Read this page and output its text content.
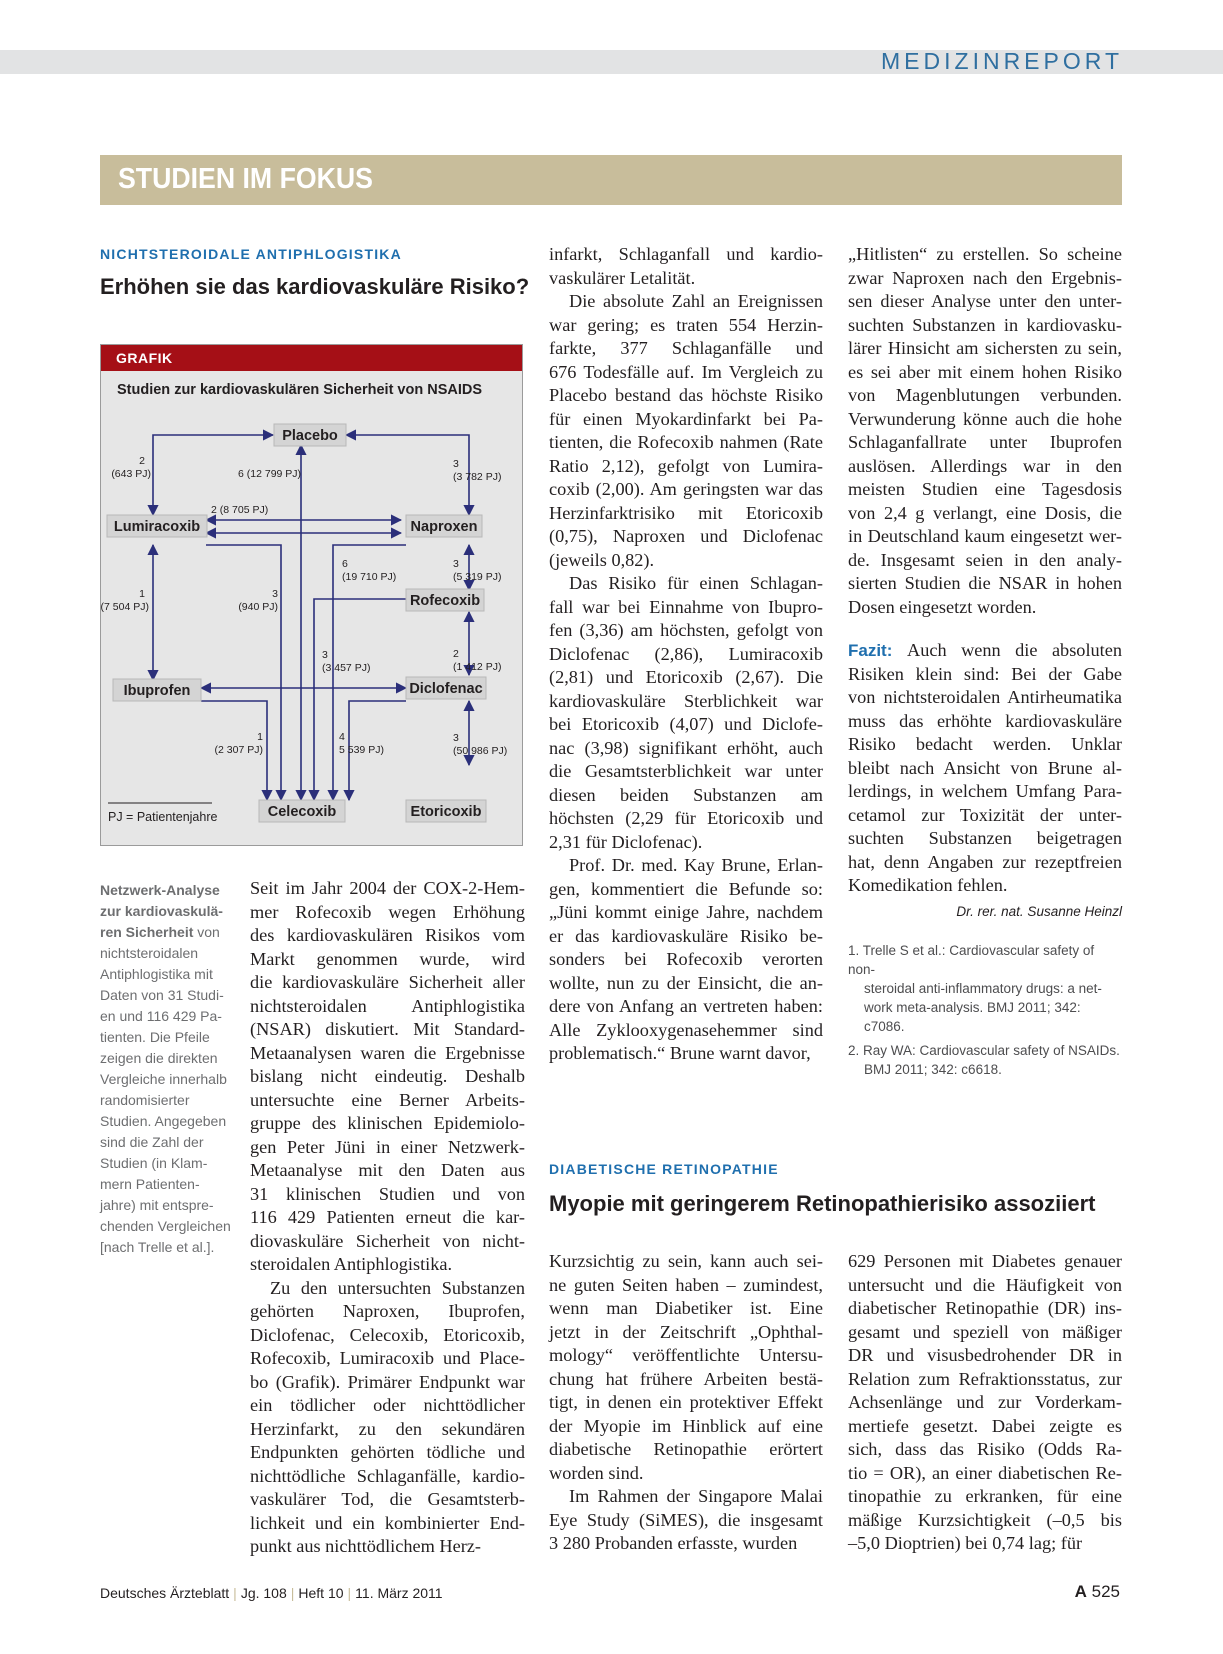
MEDIZINREPORT
STUDIEN IM FOKUS
NICHTSTEROIDALE ANTIPHLOGISTIKA
Erhöhen sie das kardiovaskuläre Risiko?
GRAFIK
Studien zur kardiovaskulären Sicherheit von NSAIDS
Placebo
Lumiracoxib	Naproxen
Rofecoxib
Ibuprofen	Diclofenac
Celecoxib	Etoricoxib
2
(643 PJ)	6 (12 799 PJ)
3
(3 782 PJ)
2 (8 705 PJ)
6
(19 710 PJ)
3
(5 319 PJ)
1
(7 504 PJ)
3
(940 PJ)
3
(3 457 PJ)
2
(1 412 PJ)
1
(2 307 PJ)
4
5 539 PJ)
3
(50 986 PJ)
PJ = Patientenjahre
Netzwerk-Analyse
zur kardiovaskulä-
ren Sicherheit von
nichtsteroidalen
Antiphlogistika mit
Daten von 31 Studi-
en und 116 429 Pa-
tienten. Die Pfeile
zeigen die direkten
Vergleiche innerhalb
randomisierter
Studien. Angegeben
sind die Zahl der
Studien (in Klam-
mern Patienten-
jahre) mit entspre-
chenden Vergleichen
[nach Trelle et al.].
Seit im Jahr 2004 der COX-2-Hem-
mer Rofecoxib wegen Erhöhung
des kardiovaskulären Risikos vom
Markt genommen wurde, wird
die kardiovaskuläre Sicherheit aller
nichtsteroidalen Antiphlogistika
(NSAR) diskutiert. Mit Standard-
Metaanalysen waren die Ergebnisse
bislang nicht eindeutig. Deshalb
untersuchte eine Berner Arbeits-
gruppe des klinischen Epidemiolo-
gen Peter Jüni in einer Netzwerk-
Metaanalyse mit den Daten aus
31 klinischen Studien und von
116 429 Patienten erneut die kar-
diovaskuläre Sicherheit von nicht-
steroidalen Antiphlogistika.
Zu den untersuchten Substanzen
gehörten Naproxen, Ibuprofen,
Diclofenac, Celecoxib, Etoricoxib,
Rofecoxib, Lumiracoxib und Place-
bo (Grafik). Primärer Endpunkt war
ein tödlicher oder nichttödlicher
Herzinfarkt, zu den sekundären
Endpunkten gehörten tödliche und
nichttödliche Schlaganfälle, kardio-
vaskulärer Tod, die Gesamtsterb-
lichkeit und ein kombinierter End-
punkt aus nichttödlichem Herz-
infarkt, Schlaganfall und kardio-
vaskulärer Letalität.
Die absolute Zahl an Ereignissen
war gering; es traten 554 Herzin-
farkte, 377 Schlaganfälle und
676 Todesfälle auf. Im Vergleich zu
Placebo bestand das höchste Risiko
für einen Myokardinfarkt bei Pa-
tienten, die Rofecoxib nahmen (Rate
Ratio 2,12), gefolgt von Lumira-
coxib (2,00). Am geringsten war das
Herzinfarktrisiko mit Etoricoxib
(0,75), Naproxen und Diclofenac
(jeweils 0,82).
Das Risiko für einen Schlagan-
fall war bei Einnahme von Ibupro-
fen (3,36) am höchsten, gefolgt von
Diclofenac (2,86), Lumiracoxib
(2,81) und Etoricoxib (2,67). Die
kardiovaskuläre Sterblichkeit war
bei Etoricoxib (4,07) und Diclofe-
nac (3,98) signifikant erhöht, auch
die Gesamtsterblichkeit war unter
diesen beiden Substanzen am
höchsten (2,29 für Etoricoxib und
2,31 für Diclofenac).
Prof. Dr. med. Kay Brune, Erlan-
gen, kommentiert die Befunde so:
„Jüni kommt einige Jahre, nachdem
er das kardiovaskuläre Risiko be-
sonders bei Rofecoxib verorten
wollte, nun zu der Einsicht, die an-
dere von Anfang an vertreten haben:
Alle Zyklooxygenasehemmer sind
problematisch.“ Brune warnt davor,
„Hitlisten“ zu erstellen. So scheine
zwar Naproxen nach den Ergebnis-
sen dieser Analyse unter den unter-
suchten Substanzen in kardiovasku-
lärer Hinsicht am sichersten zu sein,
es sei aber mit einem hohen Risiko
von Magenblutungen verbunden.
Verwunderung könne auch die hohe
Schlaganfallrate unter Ibuprofen
auslösen. Allerdings war in den
meisten Studien eine Tagesdosis
von 2,4 g verlangt, eine Dosis, die
in Deutschland kaum eingesetzt wer-
de. Insgesamt seien in den analy-
sierten Studien die NSAR in hohen
Dosen eingesetzt worden.
Fazit: Auch wenn die absoluten
Risiken klein sind: Bei der Gabe
von nichtsteroidalen Antirheumatika
muss das erhöhte kardiovaskuläre
Risiko bedacht werden. Unklar
bleibt nach Ansicht von Brune al-
lerdings, in welchem Umfang Para-
cetamol zur Toxizität der unter-
suchten Substanzen beigetragen
hat, denn Angaben zur rezeptfreien
Komedikation fehlen.
Dr. rer. nat. Susanne Heinzl
1. Trelle S et al.: Cardiovascular safety of non-
steroidal anti-inflammatory drugs: a net-
work meta-analysis. BMJ 2011; 342:
c7086.
2. Ray WA: Cardiovascular safety of NSAIDs.
BMJ 2011; 342: c6618.
DIABETISCHE RETINOPATHIE
Myopie mit geringerem Retinopathierisiko assoziiert
Kurzsichtig zu sein, kann auch sei-
ne guten Seiten haben – zumindest,
wenn man Diabetiker ist. Eine
jetzt in der Zeitschrift „Ophthal-
mology“ veröffentlichte Untersu-
chung hat frühere Arbeiten bestä-
tigt, in denen ein protektiver Effekt
der Myopie im Hinblick auf eine
diabetische Retinopathie erörtert
worden sind.
Im Rahmen der Singapore Malai
Eye Study (SiMES), die insgesamt
3 280 Probanden erfasste, wurden
629 Personen mit Diabetes genauer
untersucht und die Häufigkeit von
diabetischer Retinopathie (DR) ins-
gesamt und speziell von mäßiger
DR und visusbedrohender DR in
Relation zum Refraktionsstatus, zur
Achsenlänge und zur Vorderkam-
mertiefe gesetzt. Dabei zeigte es
sich, dass das Risiko (Odds Ra-
tio = OR), an einer diabetischen Re-
tinopathie zu erkranken, für eine
mäßige Kurzsichtigkeit (–0,5 bis
–5,0 Dioptrien) bei 0,74 lag; für
Deutsches Ärzteblatt | Jg. 108 | Heft 10 | 11. März 2011	A 525
